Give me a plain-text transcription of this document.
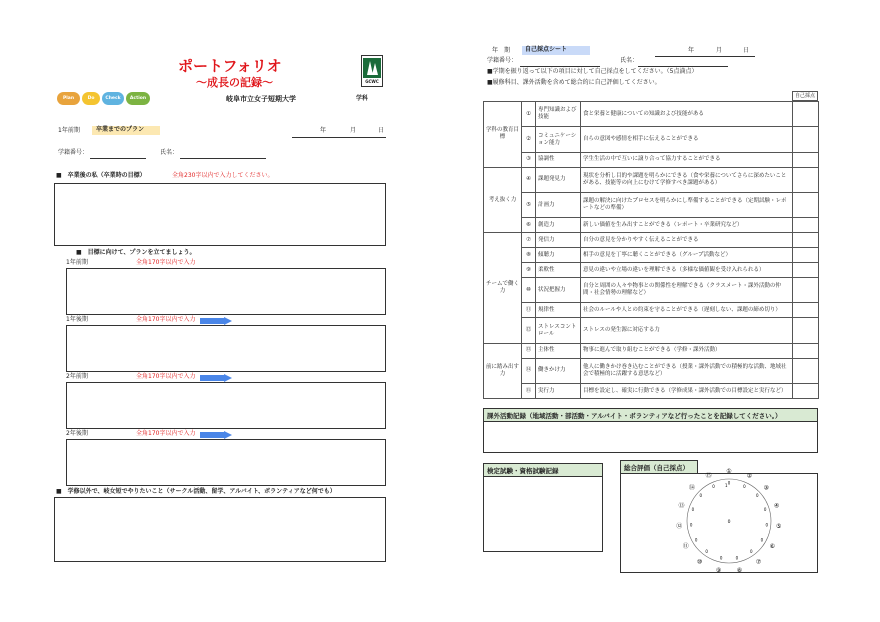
ポートフォリオ
～成長の記録～
Plan	Do	Check	Action	岐阜市立女子短期大学	学科
GCWC
1年前期	卒業までのプラン	年	月	日
学籍番号：	氏名：
■　卒業後の私（卒業時の目標）	全角230字以内で入力してください。
■　目標に向けて、プランを立てましょう。
1年前期	全角170字以内で入力
1年後期	全角170字以内で入力
2年前期	全角170字以内で入力
2年後期	全角170字以内で入力
■　学修以外で、岐女短でやりたいこと（サークル活動、留学、アルバイト、ボランティアなど何でも）
年　期	自己採点シート	年	月	日
学籍番号：	氏名：
■学期を振り返って以下の項目に対して自己採点をしてください。（5点満点）
■履修科目、課外活動を含めて総合的に自己評価してください。
自己採点
学科の教育目標	①	専門知識および技能	食と栄養と健康についての知識および技能がある	
	②	コミュニケーション能力	自らの意図や感情を相手に伝えることができる	
	③	協調性	学生生活の中で互いに譲り合って協力することができる	
考え抜く力	④	課題発見力	現状を分析し目的や課題を明らかにできる（食や栄養についてさらに深めたいことがある、技能等の向上にむけて学修すべき課題がある）	
	⑤	計画力	課題の解決に向けたプロセスを明らかにし準備することができる（定期試験・レポートなどの準備）	
	⑥	創造力	新しい価値を生み出すことができる（レポート・卒業研究など）	
チームで働く力	⑦	発信力	自分の意見を分かりやすく伝えることができる	
	⑧	傾聴力	相手の意見を丁寧に聴くことができる（グループ活動など）	
	⑨	柔軟性	意見の違いや立場の違いを理解できる（多様な価値観を受け入れられる）	
	⑩	状況把握力	自分と周囲の人々や物事との関係性を理解できる（クラスメート・課外活動の仲間・社会情勢の理解など）	
	⑪	規律性	社会のルールや人との約束を守ることができる（遅刻しない、課題の締め切り）	
	⑫	ストレスコントロール	ストレスの発生源に対応する力	
前に踏み出す力	⑬	主体性	物事に進んで取り組むことができる（学修・課外活動）	
	⑭	働きかけ力	他人に働きかけ巻き込むことができる（授業・課外活動での積極的な活動、地域社会で積極的に活躍する意思など）	
	⑮	実行力	目標を設定し、確実に行動できる（学修成果・課外活動での目標設定と実行など）	
課外活動記録（地域活動・部活動・アルバイト・ボランティアなど行ったことを記録してください。）
検定試験・資格試験記録	総合評価（自己採点）
0
1
①
0
②
0	③
0
④
0
⑤
0
⑥
0
⑦
0
⑧
0
⑨
0
⑩
0
⑪
0
⑫ 0
⑬ 0
⑭
0
⑮
0
